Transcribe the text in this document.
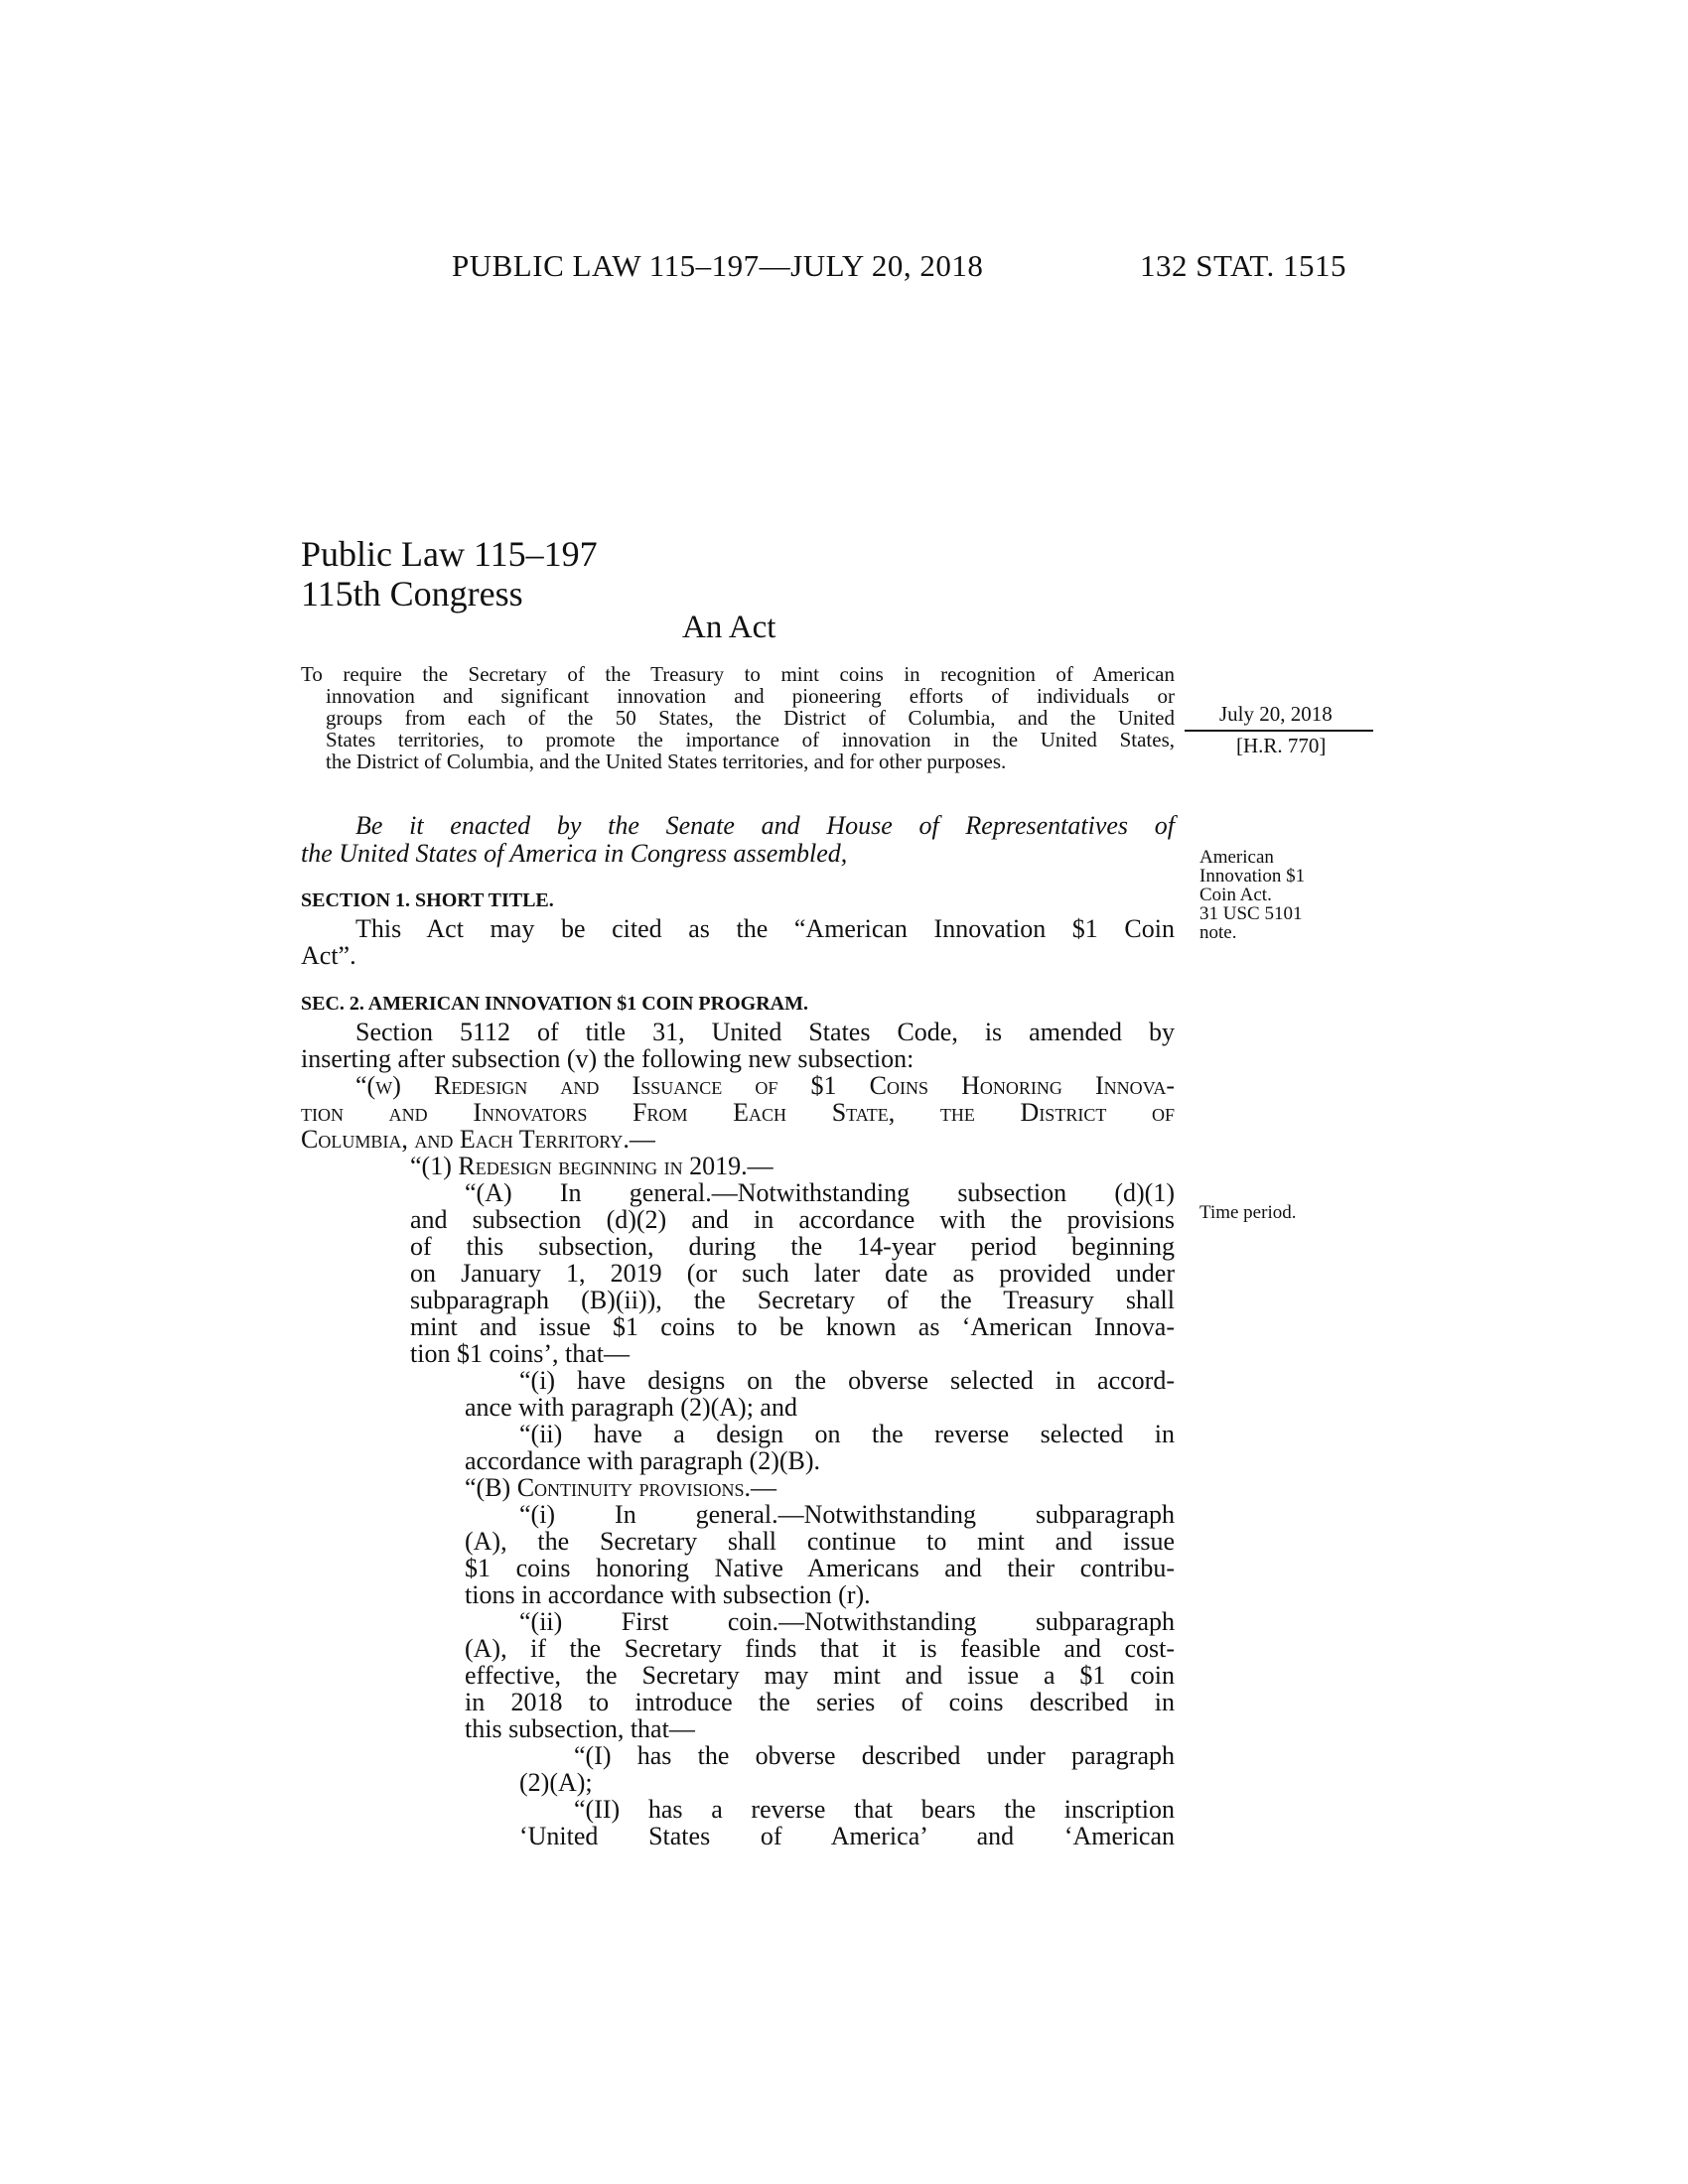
PUBLIC LAW 115–197—JULY 20, 2018	132 STAT. 1515
Public Law 115–197
115th Congress
An Act
To require the Secretary of the Treasury to mint coins in recognition of American
innovation and significant innovation and pioneering efforts of individuals or
groups from each of the 50 States, the District of Columbia, and the United
States territories, to promote the importance of innovation in the United States,
the District of Columbia, and the United States territories, and for other purposes.
July 20, 2018
[H.R. 770]
Be it enacted by the Senate and House of Representatives of
the United States of America in Congress assembled,	American
Innovation $1
Coin Act.
31 USC 5101
note.
SECTION 1. SHORT TITLE.
This Act may be cited as the “American Innovation $1 Coin
Act”.
SEC. 2. AMERICAN INNOVATION $1 COIN PROGRAM.
Section 5112 of title 31, United States Code, is amended by
inserting after subsection (v) the following new subsection:
“(w) Redesign and Issuance of $1 Coins Honoring Innova-
tion and Innovators From Each State, the District of
Columbia, and Each Territory.—
“(1) Redesign beginning in 2019.—
“(A) In general.—Notwithstanding subsection (d)(1)
and subsection (d)(2) and in accordance with the provisions
of this subsection, during the 14-year period beginning
on January 1, 2019 (or such later date as provided under
subparagraph (B)(ii)), the Secretary of the Treasury shall
mint and issue $1 coins to be known as ‘American Innova-
tion $1 coins’, that—
“(i) have designs on the obverse selected in accord-
ance with paragraph (2)(A); and
“(ii) have a design on the reverse selected in
accordance with paragraph (2)(B).
“(B) Continuity provisions.—
“(i) In general.—Notwithstanding subparagraph
(A), the Secretary shall continue to mint and issue
$1 coins honoring Native Americans and their contribu-
tions in accordance with subsection (r).
“(ii) First coin.—Notwithstanding subparagraph
(A), if the Secretary finds that it is feasible and cost-
effective, the Secretary may mint and issue a $1 coin
in 2018 to introduce the series of coins described in
this subsection, that—
“(I) has the obverse described under paragraph
(2)(A);
“(II) has a reverse that bears the inscription
‘United States of America’ and ‘American
Time period.
